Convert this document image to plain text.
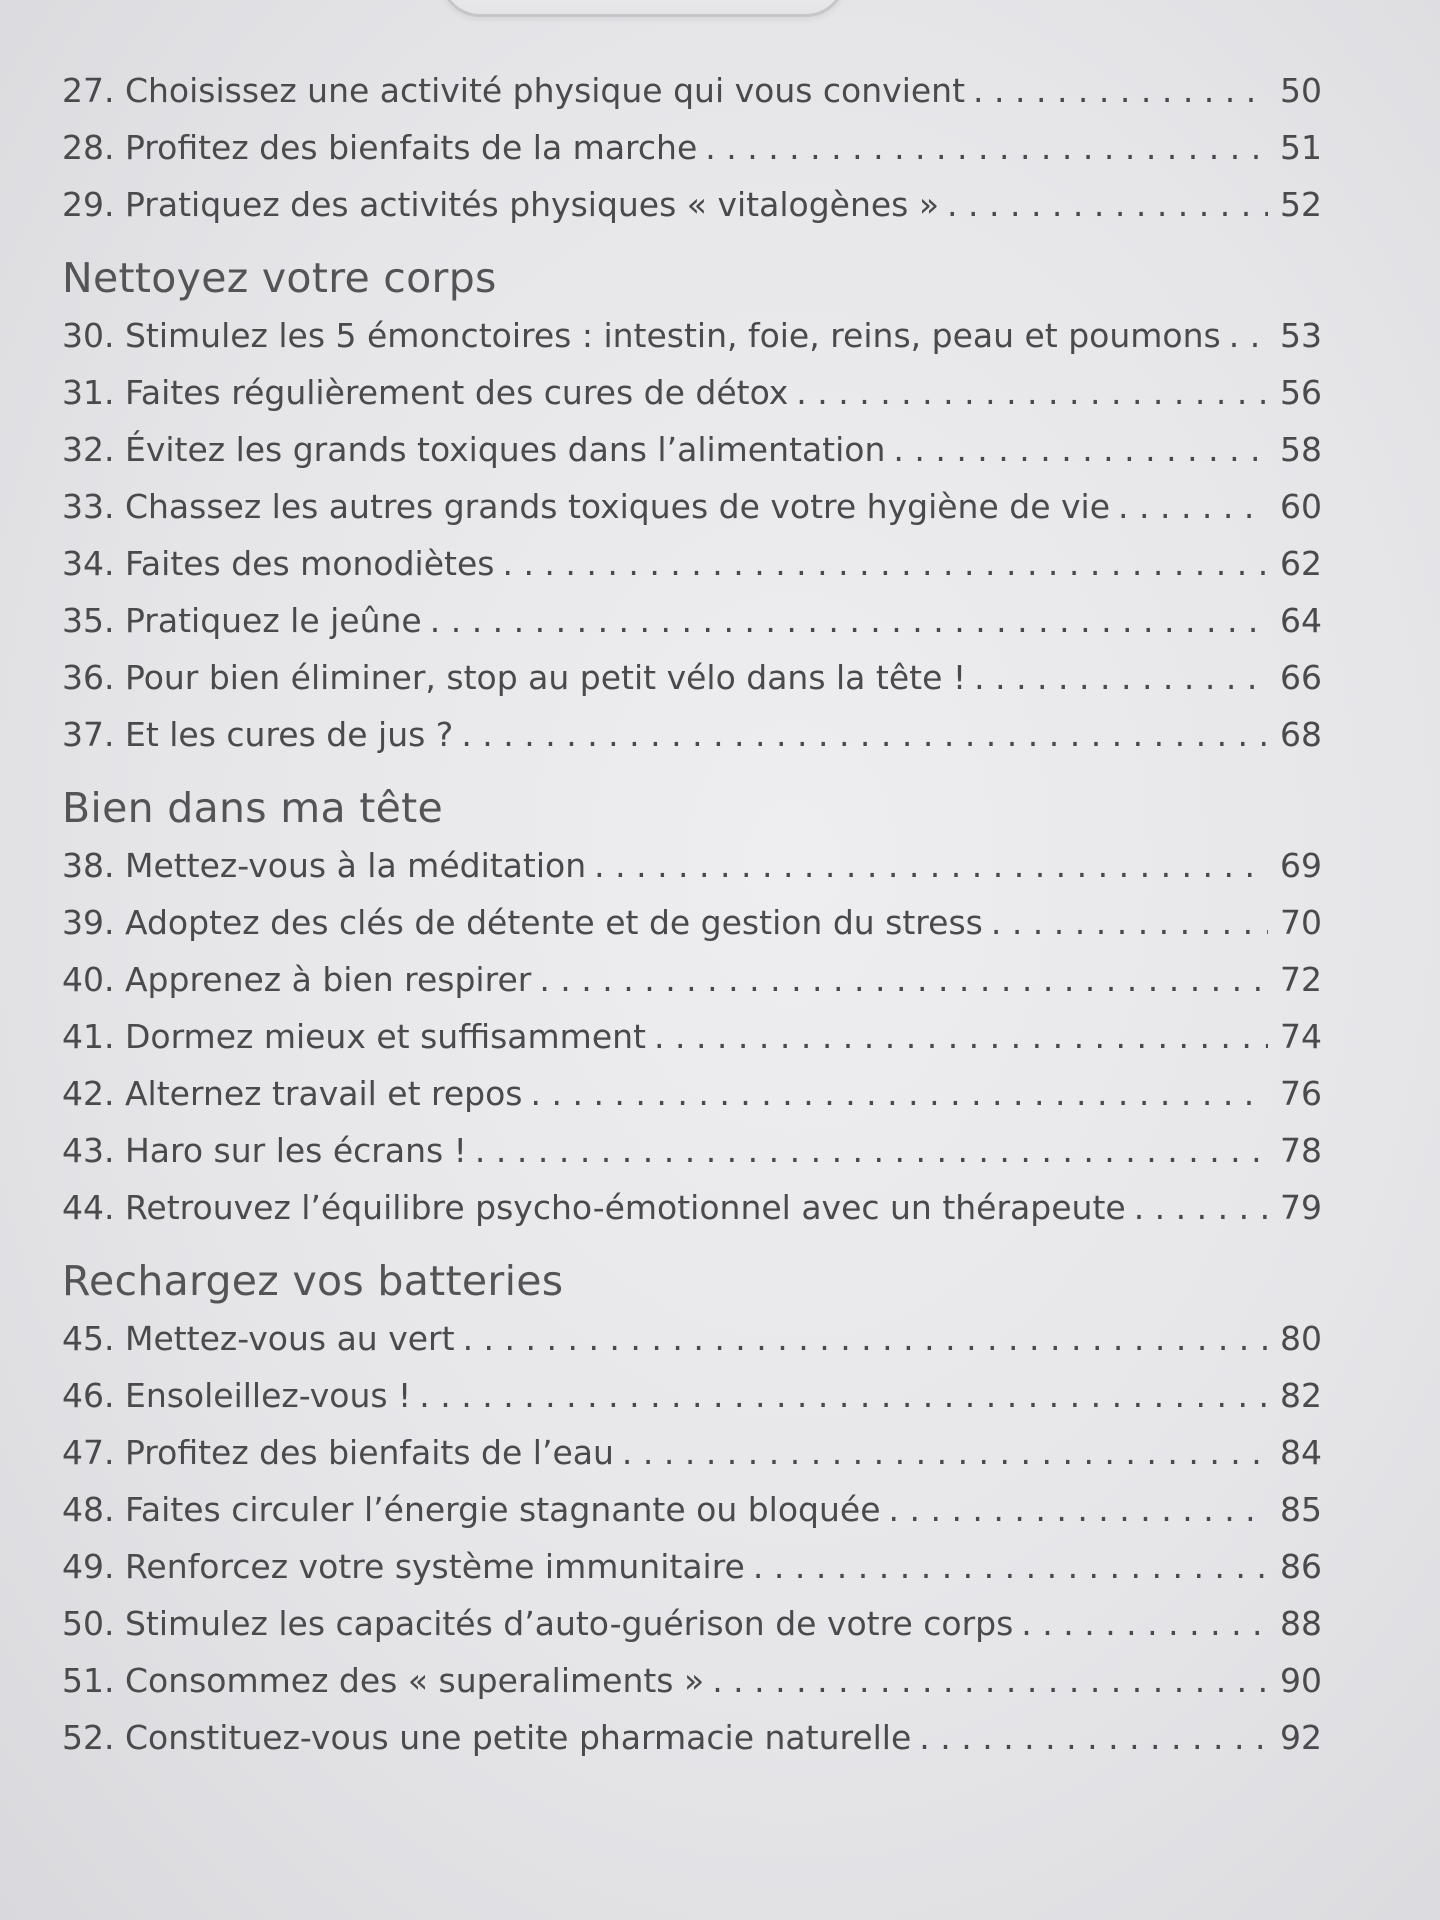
27. Choisissez une activité physique qui vous convient . . .	50
28. Profitez des bienfaits de la marche . . .	51
29. Pratiquez des activités physiques « vitalogènes » . . .	52
Nettoyez votre corps
30. Stimulez les 5 émonctoires : intestin, foie, reins, peau et poumons . . . 53
31. Faites régulièrement des cures de détox . . .	56
32. Évitez les grands toxiques dans l’alimentation . . .	58
33. Chassez les autres grands toxiques de votre hygiène de vie . . .	60
34. Faites des monodiètes . . .	62
35. Pratiquez le jeûne . . .	64
36. Pour bien éliminer, stop au petit vélo dans la tête ! . . .	66
37. Et les cures de jus ? . . .	68
Bien dans ma tête
38. Mettez-vous à la méditation . . .	69
39. Adoptez des clés de détente et de gestion du stress . . .	70
40. Apprenez à bien respirer . . .	72
41. Dormez mieux et suffisamment . . .	74
42. Alternez travail et repos . . .	76
43. Haro sur les écrans ! . . .	78
44. Retrouvez l’équilibre psycho-émotionnel avec un thérapeute . . .	79
Rechargez vos batteries
45. Mettez-vous au vert . . .	80
46. Ensoleillez-vous ! . . .	82
47. Profitez des bienfaits de l’eau . . .	84
48. Faites circuler l’énergie stagnante ou bloquée . . .	85
49. Renforcez votre système immunitaire . . .	86
50. Stimulez les capacités d’auto-guérison de votre corps . . .	88
51. Consommez des « superaliments » . . .	90
52. Constituez-vous une petite pharmacie naturelle . . .	92
